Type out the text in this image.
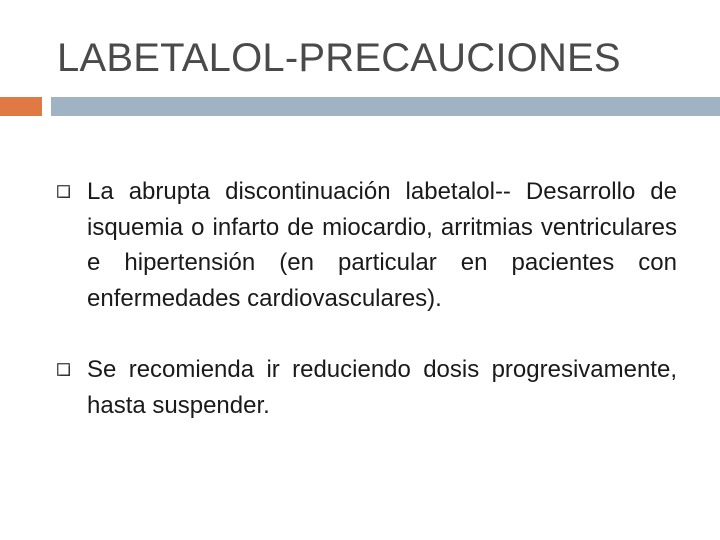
LABETALOL-PRECAUCIONES
La abrupta discontinuación labetalol-- Desarrollo de isquemia o infarto de miocardio, arritmias ventriculares e hipertensión (en particular en pacientes con enfermedades cardiovasculares).
Se recomienda ir reduciendo dosis progresivamente, hasta suspender.
